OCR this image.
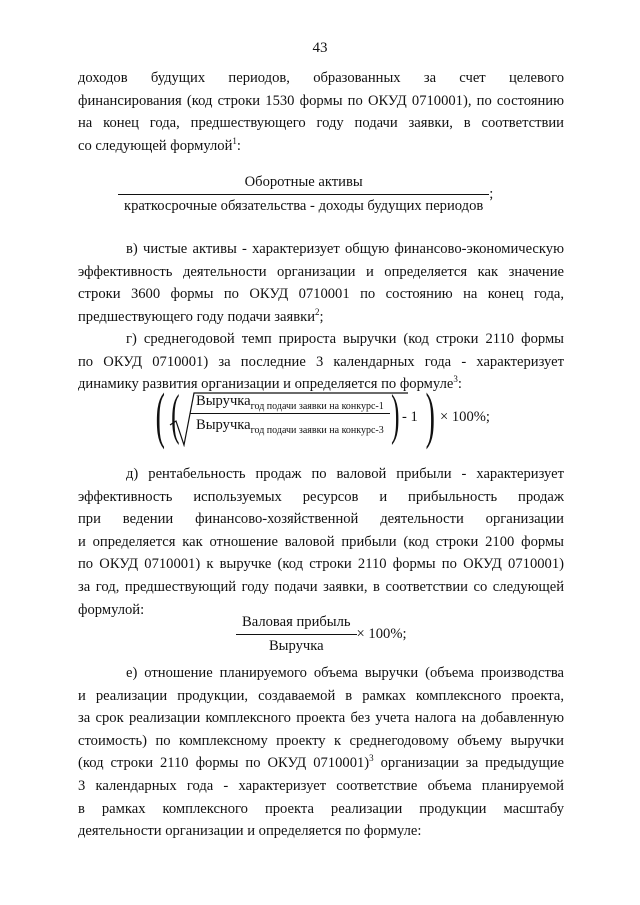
43
доходов будущих периодов, образованных за счет целевого
финансирования (код строки 1530 формы по ОКУД 0710001), по состоянию
на конец года, предшествующего году подачи заявки, в соответствии
со следующей формулой$^1$:
$\frac{\text{Оборотные активы}}{\text{краткосрочные обязательства - доходы будущих периодов}}$ ;
в) чистые активы - характеризует общую финансово-экономическую
эффективность деятельности организации и определяется как значение
строки 3600 формы по ОКУД 0710001 по состоянию на конец года,
предшествующего году подачи заявки$^2$;
г) среднегодовой темп прироста выручки (код строки 2110 формы
по ОКУД 0710001) за последние 3 календарных года - характеризует
динамику развития организации и определяется по формуле$^3$:
( ( $\frac{Выручка_{год подачи заявки на конкурс-1}}{Выручка_{год подачи заявки на конкурс-3}}$ ) - 1 ) × 100%;
д) рентабельность продаж по валовой прибыли - характеризует
эффективность используемых ресурсов и прибыльность продаж
при ведении финансово-хозяйственной деятельности организации
и определяется как отношение валовой прибыли (код строки 2100 формы
по ОКУД 0710001) к выручке (код строки 2110 формы по ОКУД 0710001)
за год, предшествующий году подачи заявки, в соответствии со следующей
формулой:
$\frac{\text{Валовая прибыль}}{\text{Выручка}} \times 100\%$;
е) отношение планируемого объема выручки (объема производства
и реализации продукции, создаваемой в рамках комплексного проекта,
за срок реализации комплексного проекта без учета налога на добавленную
стоимость) по комплексному проекту к среднегодовому объему выручки
(код строки 2110 формы по ОКУД 0710001)$^3$ организации за предыдущие
3 календарных года - характеризует соответствие объема планируемой
в рамках комплексного проекта реализации продукции масштабу
деятельности организации и определяется по формуле:
